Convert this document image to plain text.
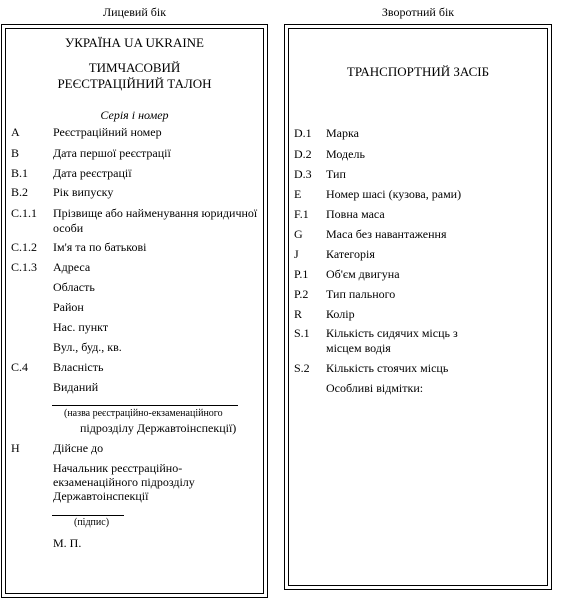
Лицевий бік	Зворотний бік
УКРАЇНА UA UKRAINE
ТИМЧАСОВИЙ
РЕЄСТРАЦІЙНИЙ ТАЛОН
Серія і номер
A	Реєстраційний номер
B	Дата першої реєстрації
B.1 Дата реєстрації
B.2 Рік випуску
C.1.1 Прізвище або найменування юридичної особи
C.1.2 Ім'я та по батькові
C.1.3 Адреса
Область
Район
Нас. пункт
Вул., буд., кв.
C.4 Власність
Виданий
(назва реєстраційно-екзаменаційного
підрозділу Державтоінспекції)
H	Дійсне до
Начальник реєстраційно-
екзаменаційного підрозділу
Державтоінспекції
(підпис)
М. П.
ТРАНСПОРТНИЙ ЗАСІБ
D.1 Марка
D.2 Модель
D.3 Тип
E Номер шасі (кузова, рами)
F.1 Повна маса
G Маса без навантаження
J Категорія
P.1 Об'єм двигуна
P.2 Тип пального
R Колір
S.1 Кількість сидячих місць з місцем водія
S.2 Кількість стоячих місць
Особливі відмітки:
